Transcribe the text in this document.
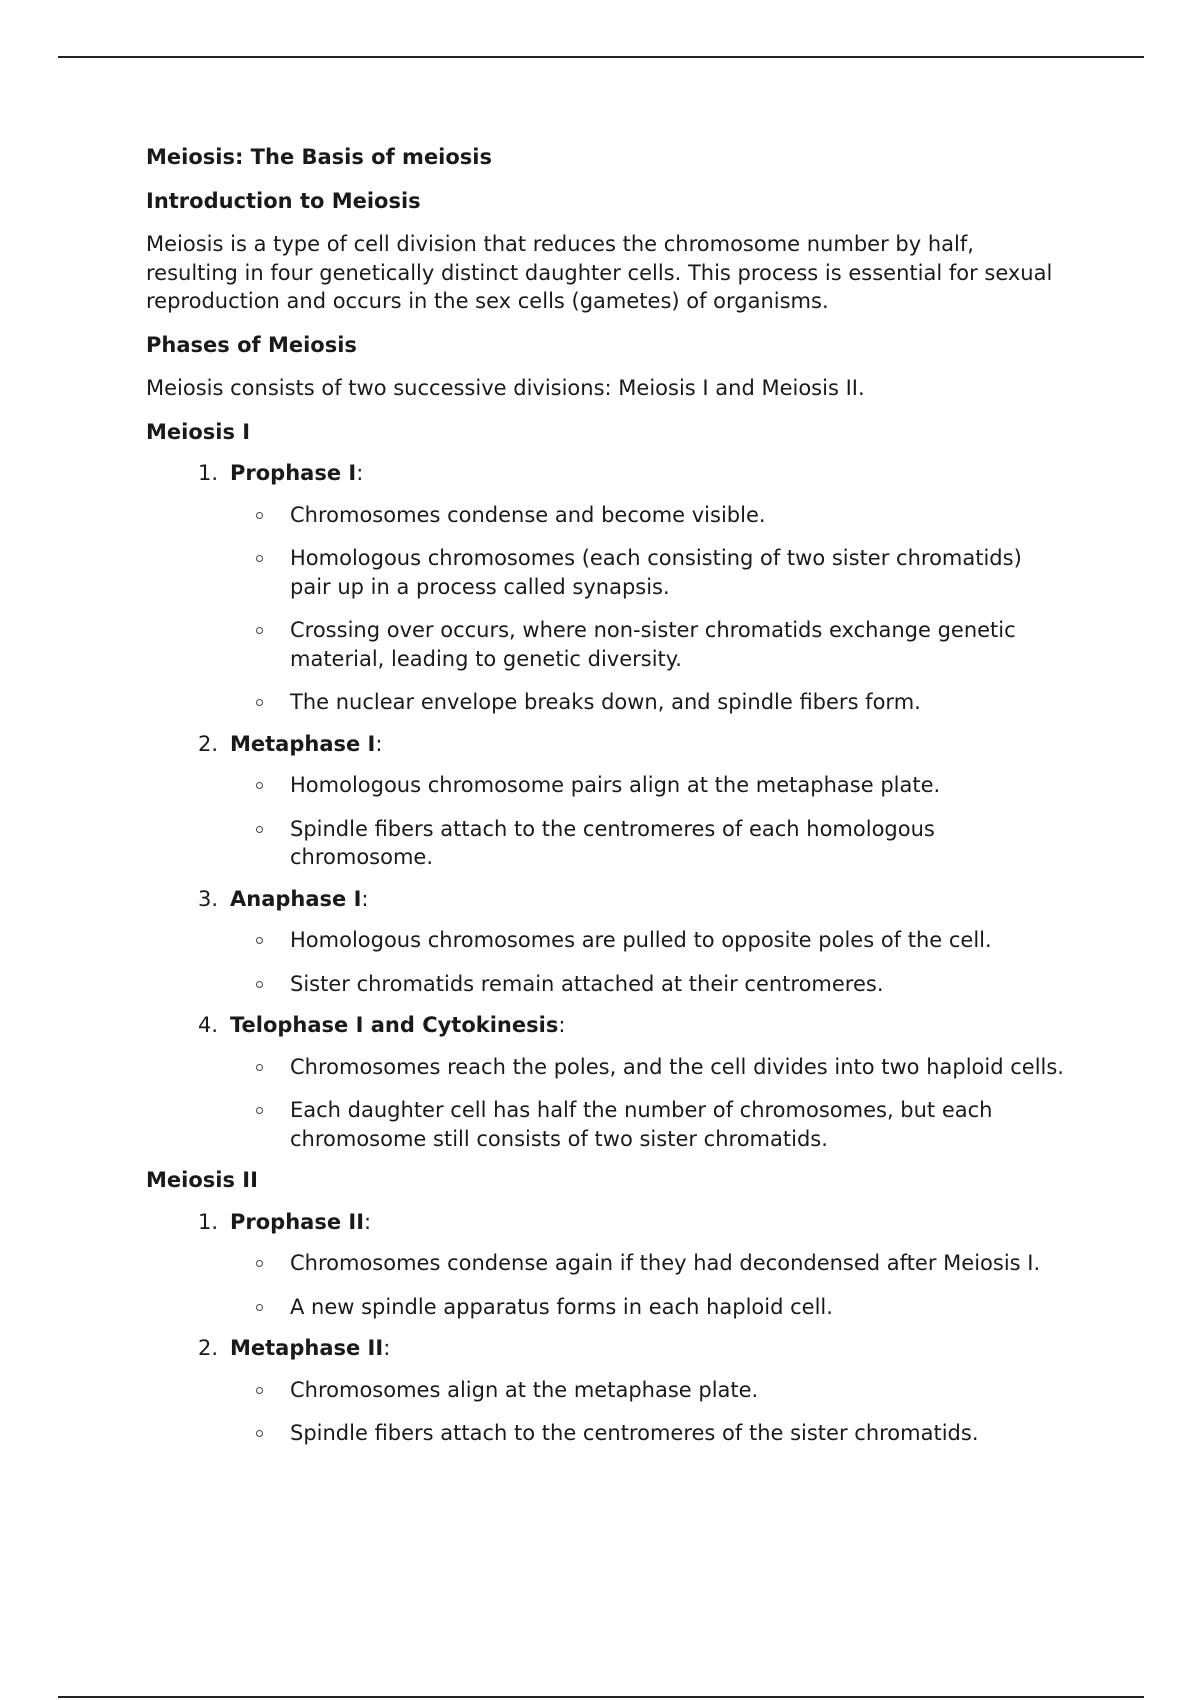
Meiosis: The Basis of meiosis
Introduction to Meiosis
Meiosis is a type of cell division that reduces the chromosome number by half, resulting in four genetically distinct daughter cells. This process is essential for sexual reproduction and occurs in the sex cells (gametes) of organisms.
Phases of Meiosis
Meiosis consists of two successive divisions: Meiosis I and Meiosis II.
Meiosis I
1. Prophase I:
Chromosomes condense and become visible.
Homologous chromosomes (each consisting of two sister chromatids) pair up in a process called synapsis.
Crossing over occurs, where non-sister chromatids exchange genetic material, leading to genetic diversity.
The nuclear envelope breaks down, and spindle fibers form.
2. Metaphase I:
Homologous chromosome pairs align at the metaphase plate.
Spindle fibers attach to the centromeres of each homologous chromosome.
3. Anaphase I:
Homologous chromosomes are pulled to opposite poles of the cell.
Sister chromatids remain attached at their centromeres.
4. Telophase I and Cytokinesis:
Chromosomes reach the poles, and the cell divides into two haploid cells.
Each daughter cell has half the number of chromosomes, but each chromosome still consists of two sister chromatids.
Meiosis II
1. Prophase II:
Chromosomes condense again if they had decondensed after Meiosis I.
A new spindle apparatus forms in each haploid cell.
2. Metaphase II:
Chromosomes align at the metaphase plate.
Spindle fibers attach to the centromeres of the sister chromatids.
